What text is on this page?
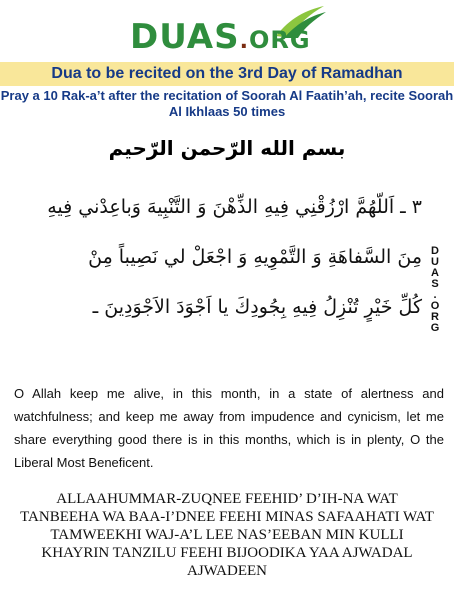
DUAS.ORG
Dua to be recited on the 3rd Day of Ramadhan
Pray a 10 Rak-a’t after the recitation of Soorah Al Faatih’ah, recite Soorah Al Ikhlaas 50 times
بسم الله الرّحمن الرّحيم
٣ ـ اَللّهُمَّ ارْزُقْنِي فِيهِ الذِّهْنَ وَ التَّنْبِيهَ وَباعِدْني فِيهِ
مِنَ السَّفاهَةِ وَ التَّمْوِيهِ وَ اجْعَلْ لي نَصِيباً مِنْ
كُلِّ خَيْرٍ تُنْزِلُ فِيهِ بِجُودِكَ يا اَجْوَدَ الاَجْوَدِينَ ـ
D
U
A
S
.
O
R
G
O Allah keep me alive, in this month, in a state of alertness and watchfulness; and keep me away from impudence and cynicism, let me share everything good there is in this months, which is in plenty, O the Liberal Most Beneficent.
ALLAAHUMMAR-ZUQNEE FEEHID’ D’IH-NA WAT
TANBEEHA WA BAA-I’DNEE FEEHI MINAS SAFAAHATI WAT
TAMWEEKHI WAJ-A’L LEE NAS’EEBAN MIN KULLI
KHAYRIN TANZILU FEEHI BIJOODIKA YAA AJWADAL
AJWADEEN
